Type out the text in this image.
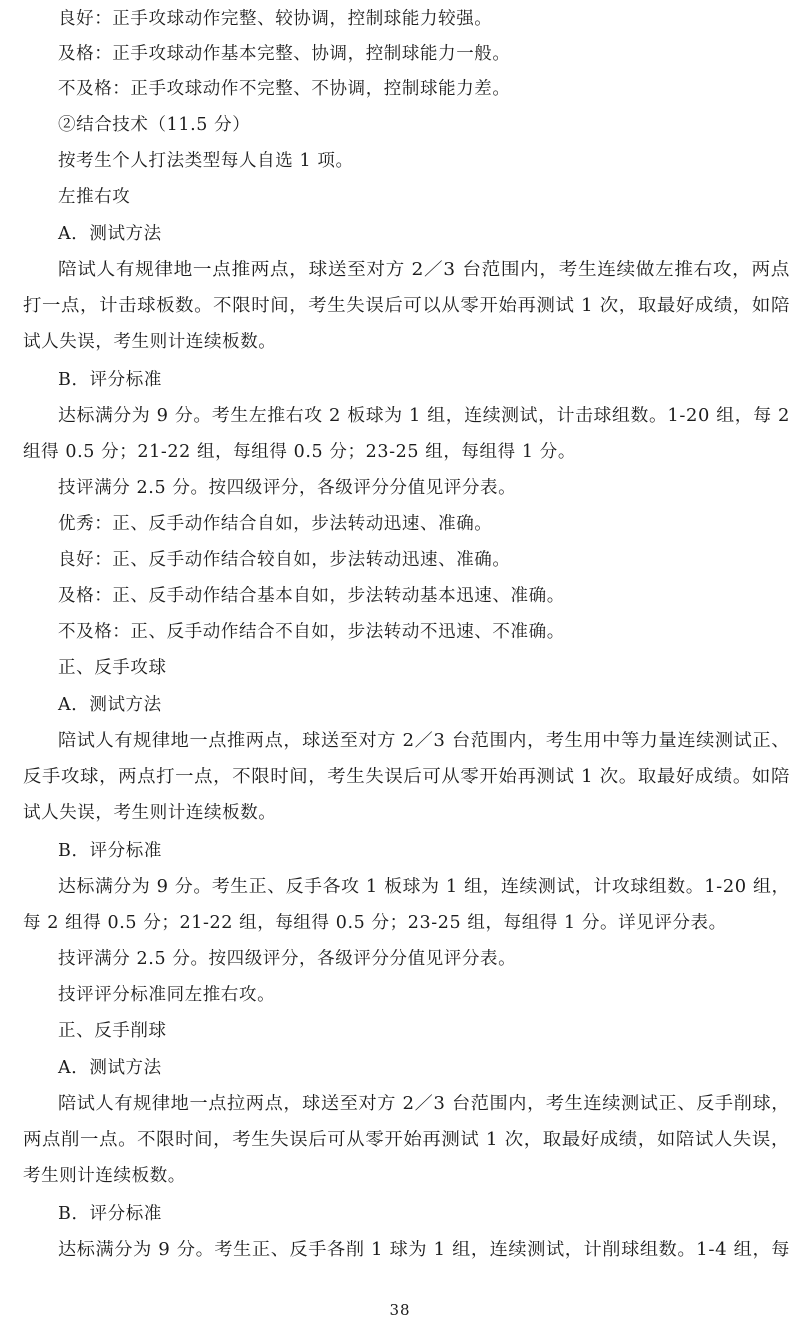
良好：正手攻球动作完整、较协调，控制球能力较强。
及格：正手攻球动作基本完整、协调，控制球能力一般。
不及格：正手攻球动作不完整、不协调，控制球能力差。
②结合技术（11.5 分）
按考生个人打法类型每人自选 1 项。
左推右攻
A．测试方法
陪试人有规律地一点推两点，球送至对方 2／3 台范围内，考生连续做左推右攻，两点
打一点，计击球板数。不限时间，考生失误后可以从零开始再测试 1 次，取最好成绩，如陪
试人失误，考生则计连续板数。
B．评分标准
达标满分为 9 分。考生左推右攻 2 板球为 1 组，连续测试，计击球组数。1-20 组，每 2
组得 0.5 分；21-22 组，每组得 0.5 分；23-25 组，每组得 1 分。
技评满分 2.5 分。按四级评分，各级评分分值见评分表。
优秀：正、反手动作结合自如，步法转动迅速、准确。
良好：正、反手动作结合较自如，步法转动迅速、准确。
及格：正、反手动作结合基本自如，步法转动基本迅速、准确。
不及格：正、反手动作结合不自如，步法转动不迅速、不准确。
正、反手攻球
A．测试方法
陪试人有规律地一点推两点，球送至对方 2／3 台范围内，考生用中等力量连续测试正、
反手攻球，两点打一点，不限时间，考生失误后可从零开始再测试 1 次。取最好成绩。如陪
试人失误，考生则计连续板数。
B．评分标准
达标满分为 9 分。考生正、反手各攻 1 板球为 1 组，连续测试，计攻球组数。1-20 组，
每 2 组得 0.5 分；21-22 组，每组得 0.5 分；23-25 组，每组得 1 分。详见评分表。
技评满分 2.5 分。按四级评分，各级评分分值见评分表。
技评评分标准同左推右攻。
正、反手削球
A．测试方法
陪试人有规律地一点拉两点，球送至对方 2／3 台范围内，考生连续测试正、反手削球，
两点削一点。不限时间，考生失误后可从零开始再测试 1 次，取最好成绩，如陪试人失误，
考生则计连续板数。
B．评分标准
达标满分为 9 分。考生正、反手各削 1 球为 1 组，连续测试，计削球组数。1-4 组，每
38
